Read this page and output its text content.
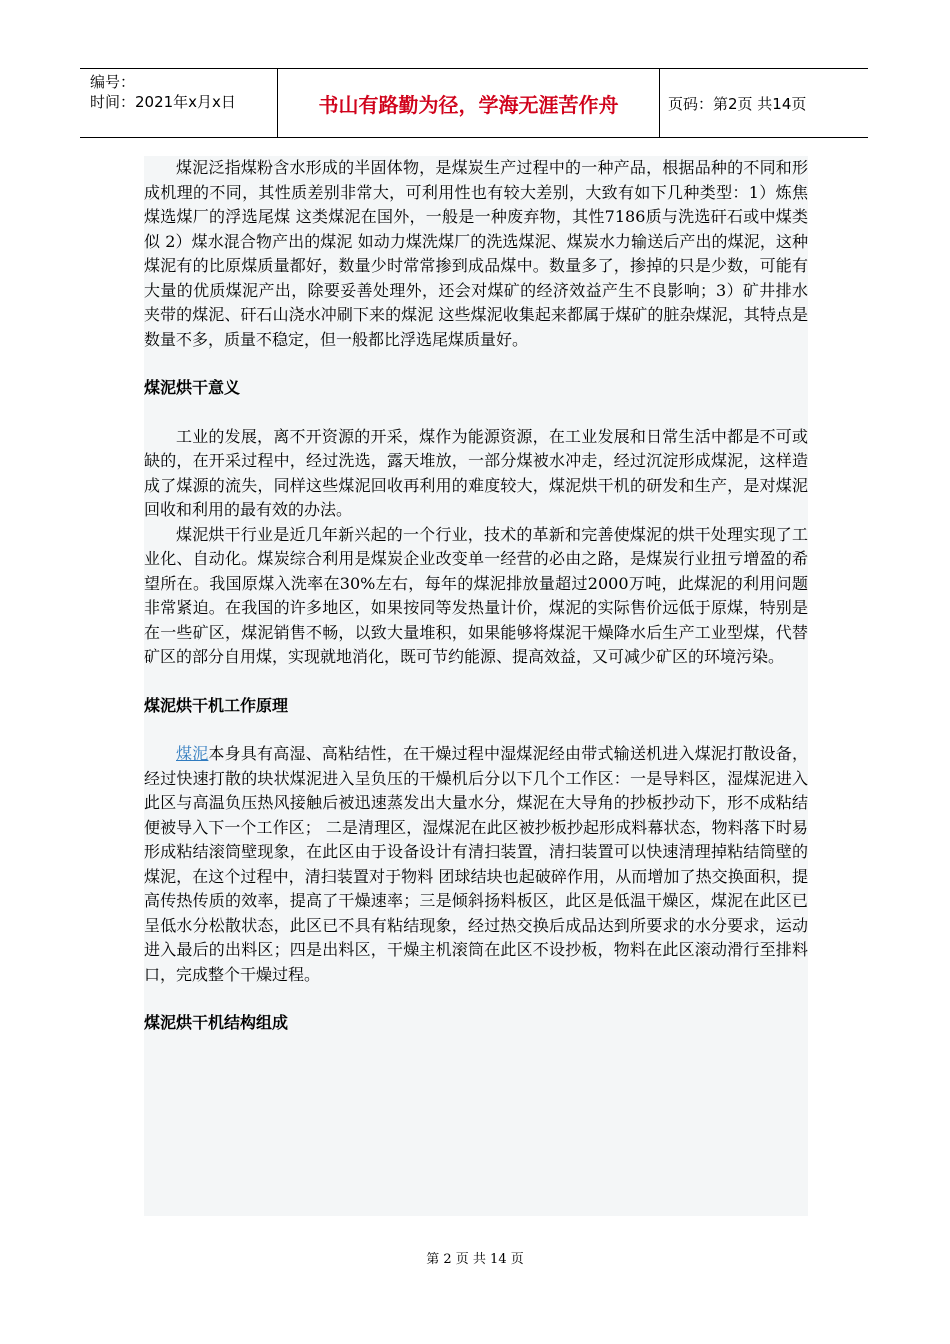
编号：
时间：2021年x月x日	书山有路勤为径，学海无涯苦作舟	页码：第2页 共14页

煤泥泛指煤粉含水形成的半固体物，是煤炭生产过程中的一种产品，根据品种的不同和形成机理的不同，其性质差别非常大，可利用性也有较大差别，大致有如下几种类型：1）炼焦煤选煤厂的浮选尾煤 这类煤泥在国外，一般是一种废弃物，其性7186质与洗选矸石或中煤类似 2）煤水混合物产出的煤泥 如动力煤洗煤厂的洗选煤泥、煤炭水力输送后产出的煤泥，这种煤泥有的比原煤质量都好，数量少时常常掺到成品煤中。数量多了，掺掉的只是少数，可能有大量的优质煤泥产出，除要妥善处理外，还会对煤矿的经济效益产生不良影响；3）矿井排水夹带的煤泥、矸石山浇水冲刷下来的煤泥 这些煤泥收集起来都属于煤矿的脏杂煤泥，其特点是数量不多，质量不稳定，但一般都比浮选尾煤质量好。

煤泥烘干意义

工业的发展，离不开资源的开采，煤作为能源资源，在工业发展和日常生活中都是不可或缺的，在开采过程中，经过洗选，露天堆放，一部分煤被水冲走，经过沉淀形成煤泥，这样造成了煤源的流失，同样这些煤泥回收再利用的难度较大，煤泥烘干机的研发和生产，是对煤泥回收和利用的最有效的办法。

煤泥烘干行业是近几年新兴起的一个行业，技术的革新和完善使煤泥的烘干处理实现了工业化、自动化。煤炭综合利用是煤炭企业改变单一经营的必由之路，是煤炭行业扭亏增盈的希望所在。我国原煤入洗率在30%左右，每年的煤泥排放量超过2000万吨，此煤泥的利用问题非常紧迫。在我国的许多地区，如果按同等发热量计价，煤泥的实际售价远低于原煤，特别是在一些矿区，煤泥销售不畅，以致大量堆积，如果能够将煤泥干燥降水后生产工业型煤，代替矿区的部分自用煤，实现就地消化，既可节约能源、提高效益，又可减少矿区的环境污染。

煤泥烘干机工作原理

煤泥本身具有高湿、高粘结性，在干燥过程中湿煤泥经由带式输送机进入煤泥打散设备，经过快速打散的块状煤泥进入呈负压的干燥机后分以下几个工作区：一是导料区，湿煤泥进入此区与高温负压热风接触后被迅速蒸发出大量水分，煤泥在大导角的抄板抄动下，形不成粘结便被导入下一个工作区； 二是清理区，湿煤泥在此区被抄板抄起形成料幕状态，物料落下时易形成粘结滚筒壁现象，在此区由于设备设计有清扫装置，清扫装置可以快速清理掉粘结筒壁的煤泥，在这个过程中，清扫装置对于物料 团球结块也起破碎作用，从而增加了热交换面积，提高传热传质的效率，提高了干燥速率；三是倾斜扬料板区，此区是低温干燥区，煤泥在此区已呈低水分松散状态，此区已不具有粘结现象，经过热交换后成品达到所要求的水分要求，运动进入最后的出料区；四是出料区，干燥主机滚筒在此区不设抄板，物料在此区滚动滑行至排料口，完成整个干燥过程。

煤泥烘干机结构组成
第 2 页 共 14 页
